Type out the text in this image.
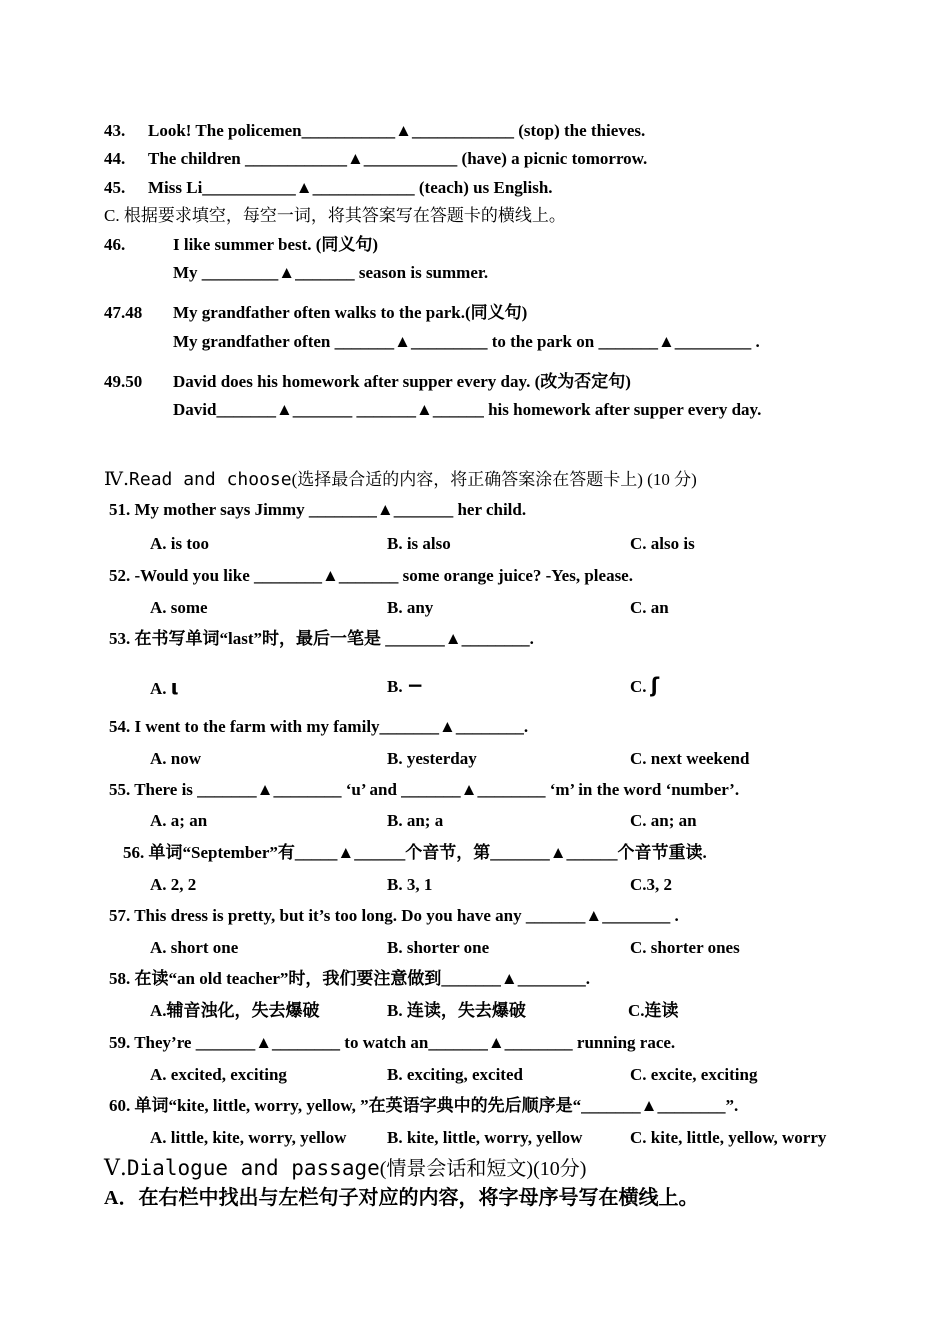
43. Look! The policemen___________▲____________ (stop) the thieves.
44. The children ____________▲___________ (have) a picnic tomorrow.
45. Miss Li___________▲____________ (teach) us English.
C. 根据要求填空，每空一词，将其答案写在答题卡的横线上。
46.	I like summer best. (同义句)
My _________▲_______ season is summer.
47.48 My grandfather often walks to the park.(同义句)
My grandfather often _______▲_________ to the park on _______▲_________ .
49.50 David does his homework after supper every day. (改为否定句)
David_______▲_______ _______▲______ his homework after supper every day.
Ⅳ.Read and choose(选择最合适的内容，将正确答案涂在答题卡上) (10 分)
51. My mother says Jimmy ________▲_______ her child.
A. is too	B. is also	C. also is
52. -Would you like ________▲_______ some orange juice? -Yes, please.
A. some	B. any	C. an
53. 在书写单词“last”时，最后一笔是 _______▲________.
A. ι	B. −	C. ʃ
54. I went to the farm with my family_______▲________.
A. now	B. yesterday	C. next weekend
55. There is _______▲________ ‘u’ and _______▲________ ‘m’ in the word ‘number’.
A. a; an	B. an; a	C. an; an
56. 单词“September”有_____▲______个音节，第_______▲______个音节重读.
A. 2, 2	B. 3, 1	C.3, 2
57. This dress is pretty, but it’s too long. Do you have any _______▲________ .
A. short one	B. shorter one	C. shorter ones
58. 在读“an old teacher”时，我们要注意做到_______▲________.
A.辅音浊化，失去爆破	B. 连读，失去爆破	C.连读
59. They’re _______▲________ to watch an_______▲________ running race.
A. excited, exciting	B. exciting, excited	C. excite, exciting
60. 单词“kite, little, worry, yellow, ”在英语字典中的先后顺序是“_______▲________”.
A. little, kite, worry, yellow B. kite, little, worry, yellow	C. kite, little, yellow, worry
Ⅴ.Dialogue and passage(情景会话和短文)(10分)
A．在右栏中找出与左栏句子对应的内容，将字母序号写在横线上。
